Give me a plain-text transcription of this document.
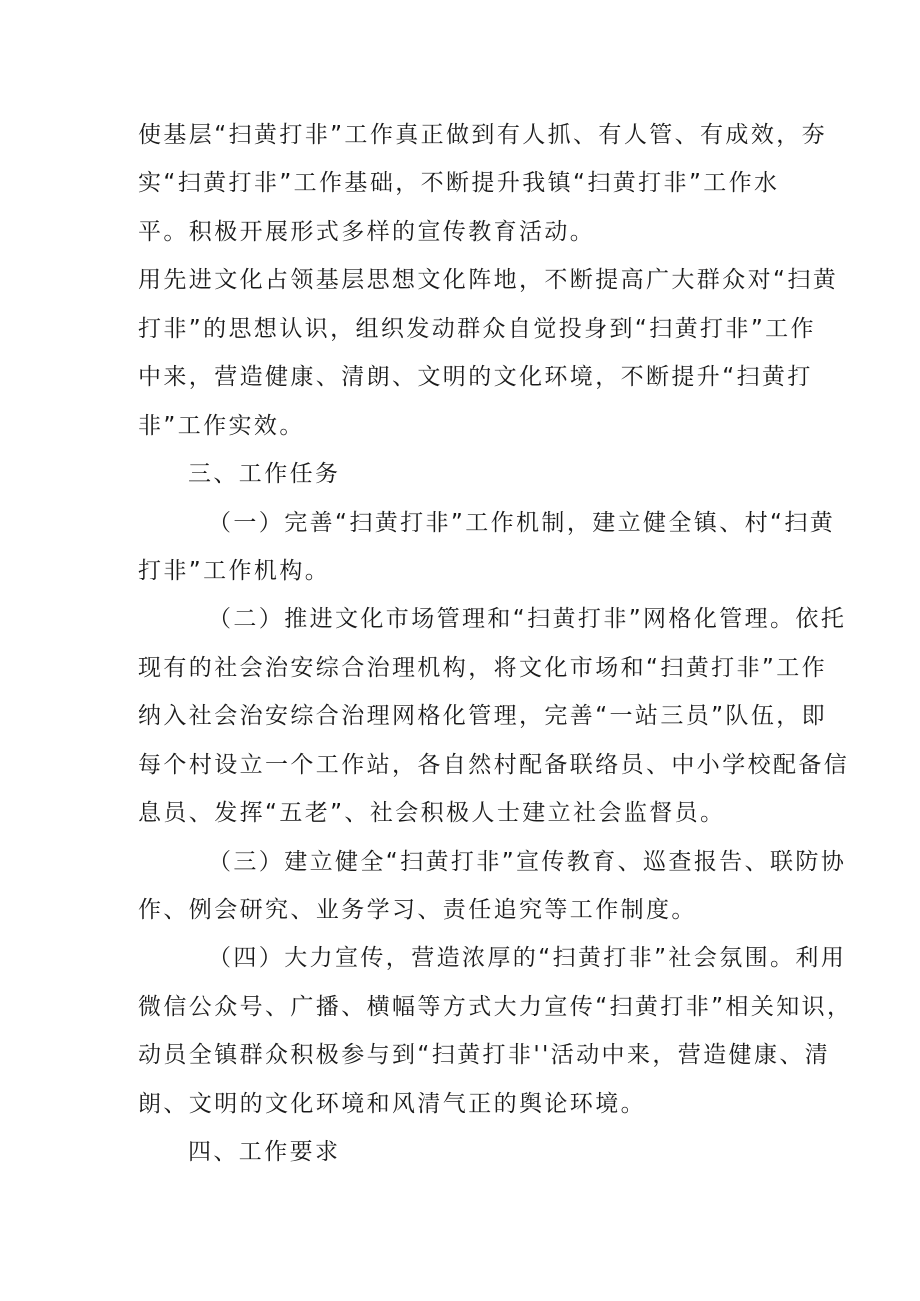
使基层“扫黄打非”工作真正做到有人抓、有人管、有成效，夯
实“扫黄打非”工作基础，不断提升我镇“扫黄打非”工作水
平。积极开展形式多样的宣传教育活动。
用先进文化占领基层思想文化阵地，不断提高广大群众对“扫黄
打非”的思想认识，组织发动群众自觉投身到“扫黄打非”工作
中来，营造健康、清朗、文明的文化环境，不断提升“扫黄打
非”工作实效。
三、工作任务
（一）完善“扫黄打非”工作机制，建立健全镇、村“扫黄
打非”工作机构。
（二）推进文化市场管理和“扫黄打非”网格化管理。依托
现有的社会治安综合治理机构，将文化市场和“扫黄打非”工作
纳入社会治安综合治理网格化管理，完善“一站三员”队伍，即
每个村设立一个工作站，各自然村配备联络员、中小学校配备信
息员、发挥“五老”、社会积极人士建立社会监督员。
（三）建立健全“扫黄打非”宣传教育、巡查报告、联防协
作、例会研究、业务学习、责任追究等工作制度。
（四）大力宣传，营造浓厚的“扫黄打非”社会氛围。利用
微信公众号、广播、横幅等方式大力宣传“扫黄打非”相关知识，
动员全镇群众积极参与到“扫黄打非''活动中来，营造健康、清
朗、文明的文化环境和风清气正的舆论环境。
四、工作要求
